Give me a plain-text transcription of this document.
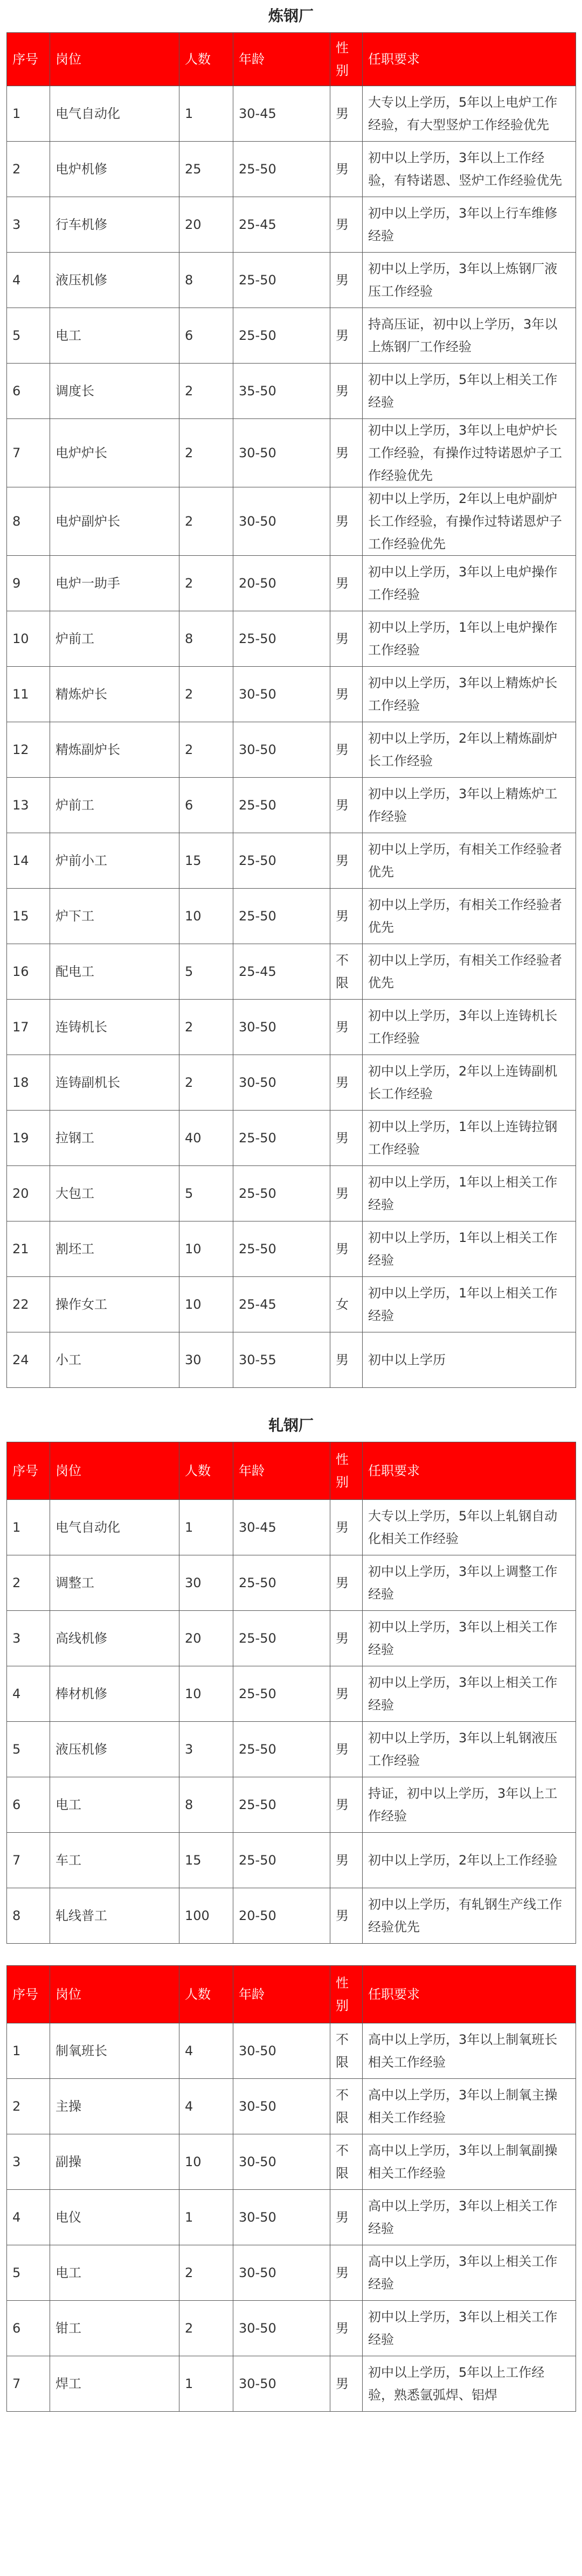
炼钢厂
序号	岗位	人数	年龄	性别	任职要求
1	电气自动化	1	30-45	男	大专以上学历，5年以上电炉工作经验，有大型竖炉工作经验优先
2	电炉机修	25	25-50	男	初中以上学历，3年以上工作经验，有特诺恩、竖炉工作经验优先
3	行车机修	20	25-45	男	初中以上学历，3年以上行车维修经验
4	液压机修	8	25-50	男	初中以上学历，3年以上炼钢厂液压工作经验
5	电工	6	25-50	男	持高压证，初中以上学历，3年以上炼钢厂工作经验
6	调度长	2	35-50	男	初中以上学历，5年以上相关工作经验
7	电炉炉长	2	30-50	男	初中以上学历，3年以上电炉炉长工作经验，有操作过特诺恩炉子工作经验优先
8	电炉副炉长	2	30-50	男	初中以上学历，2年以上电炉副炉长工作经验，有操作过特诺恩炉子工作经验优先
9	电炉一助手	2	20-50	男	初中以上学历，3年以上电炉操作工作经验
10	炉前工	8	25-50	男	初中以上学历，1年以上电炉操作工作经验
11	精炼炉长	2	30-50	男	初中以上学历，3年以上精炼炉长工作经验
12	精炼副炉长	2	30-50	男	初中以上学历，2年以上精炼副炉长工作经验
13	炉前工	6	25-50	男	初中以上学历，3年以上精炼炉工作经验
14	炉前小工	15	25-50	男	初中以上学历，有相关工作经验者优先
15	炉下工	10	25-50	男	初中以上学历，有相关工作经验者优先
16	配电工	5	25-45	不限	初中以上学历，有相关工作经验者优先
17	连铸机长	2	30-50	男	初中以上学历，3年以上连铸机长工作经验
18	连铸副机长	2	30-50	男	初中以上学历，2年以上连铸副机长工作经验
19	拉钢工	40	25-50	男	初中以上学历，1年以上连铸拉钢工作经验
20	大包工	5	25-50	男	初中以上学历，1年以上相关工作经验
21	割坯工	10	25-50	男	初中以上学历，1年以上相关工作经验
22	操作女工	10	25-45	女	初中以上学历，1年以上相关工作经验
24	小工	30	30-55	男	初中以上学历
轧钢厂
序号	岗位	人数	年龄	性别	任职要求
1	电气自动化	1	30-45	男	大专以上学历，5年以上轧钢自动化相关工作经验
2	调整工	30	25-50	男	初中以上学历，3年以上调整工作经验
3	高线机修	20	25-50	男	初中以上学历，3年以上相关工作经验
4	棒材机修	10	25-50	男	初中以上学历，3年以上相关工作经验
5	液压机修	3	25-50	男	初中以上学历，3年以上轧钢液压工作经验
6	电工	8	25-50	男	持证，初中以上学历，3年以上工作经验
7	车工	15	25-50	男	初中以上学历，2年以上工作经验
8	轧线普工	100	20-50	男	初中以上学历，有轧钢生产线工作经验优先
序号	岗位	人数	年龄	性别	任职要求
1	制氧班长	4	30-50	不限	高中以上学历，3年以上制氧班长相关工作经验
2	主操	4	30-50	不限	高中以上学历，3年以上制氧主操相关工作经验
3	副操	10	30-50	不限	高中以上学历，3年以上制氧副操相关工作经验
4	电仪	1	30-50	男	高中以上学历，3年以上相关工作经验
5	电工	2	30-50	男	高中以上学历，3年以上相关工作经验
6	钳工	2	30-50	男	初中以上学历，3年以上相关工作经验
7	焊工	1	30-50	男	初中以上学历，5年以上工作经验，熟悉氩弧焊、铝焊
